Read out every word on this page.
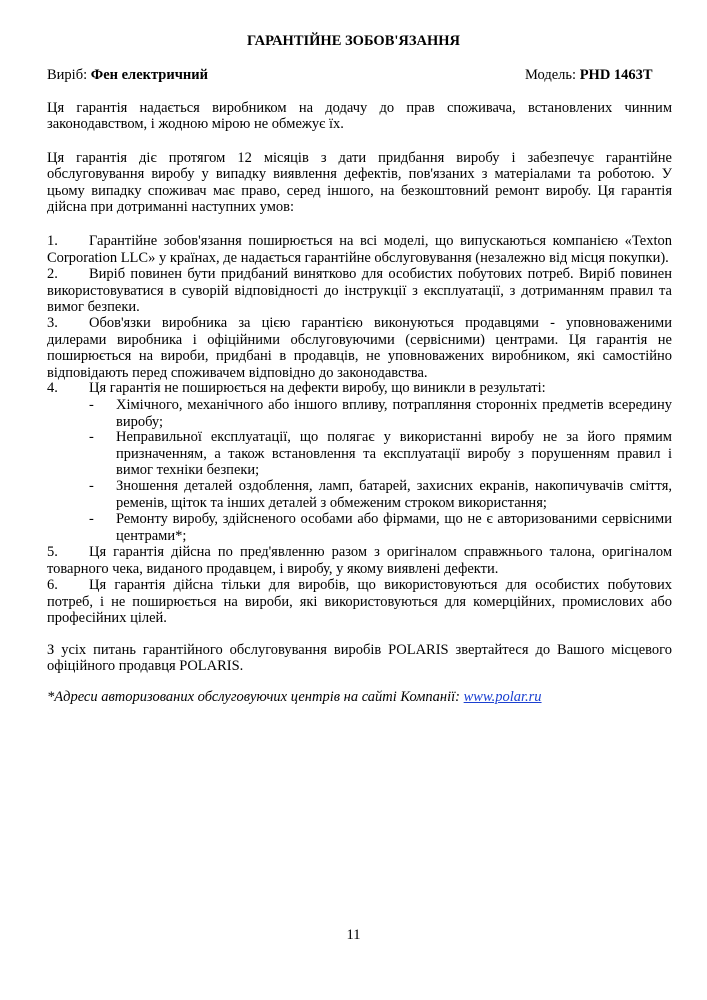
ГАРАНТІЙНЕ ЗОБОВ'ЯЗАННЯ

Виріб: Фен електричний	Модель: PHD 1463T

Ця гарантія надається виробником на додачу до прав споживача, встановлених чинним законодавством, і жодною мірою не обмежує їх.

Ця гарантія діє протягом 12 місяців з дати придбання виробу і забезпечує гарантійне обслуговування виробу у випадку виявлення дефектів, пов'язаних з матеріалами та роботою. У цьому випадку споживач має право, серед іншого, на безкоштовний ремонт виробу. Ця гарантія дійсна при дотриманні наступних умов:

1.	Гарантійне зобов'язання поширюється на всі моделі, що випускаються компанією «Texton Corporation LLC» у країнах, де надається гарантійне обслуговування (незалежно від місця покупки).

2.	Виріб повинен бути придбаний винятково для особистих побутових потреб. Виріб повинен використовуватися в суворій відповідності до інструкції з експлуатації, з дотриманням правил та вимог безпеки.

3.	Обов'язки виробника за цією гарантією виконуються продавцями - уповноваженими дилерами виробника і офіційними обслуговуючими (сервісними) центрами. Ця гарантія не поширюється на вироби, придбані в продавців, не уповноважених виробником, які самостійно відповідають перед споживачем відповідно до законодавства.

4.	Ця гарантія не поширюється на дефекти виробу, що виникли в результаті:

- Хімічного, механічного або іншого впливу, потрапляння сторонніх предметів всередину виробу;

- Неправильної експлуатації, що полягає у використанні виробу не за його прямим призначенням, а також встановлення та експлуатації виробу з порушенням правил і вимог техніки безпеки;

- Зношення деталей оздоблення, ламп, батарей, захисних екранів, накопичувачів сміття, ременів, щіток та інших деталей з обмеженим строком використання;

- Ремонту виробу, здійсненого особами або фірмами, що не є авторизованими сервісними центрами*;

5.	Ця гарантія дійсна по пред'явленню разом з оригіналом справжнього талона, оригіналом товарного чека, виданого продавцем, і виробу, у якому виявлені дефекти.

6.	Ця гарантія дійсна тільки для виробів, що використовуються для особистих побутових потреб, і не поширюється на вироби, які використовуються для комерційних, промислових або професійних цілей.

З усіх питань гарантійного обслуговування виробів POLARIS звертайтеся до Вашого місцевого офіційного продавця POLARIS.

*Адреси авторизованих обслуговуючих центрів на сайті Компанії: www.polar.ru

11
